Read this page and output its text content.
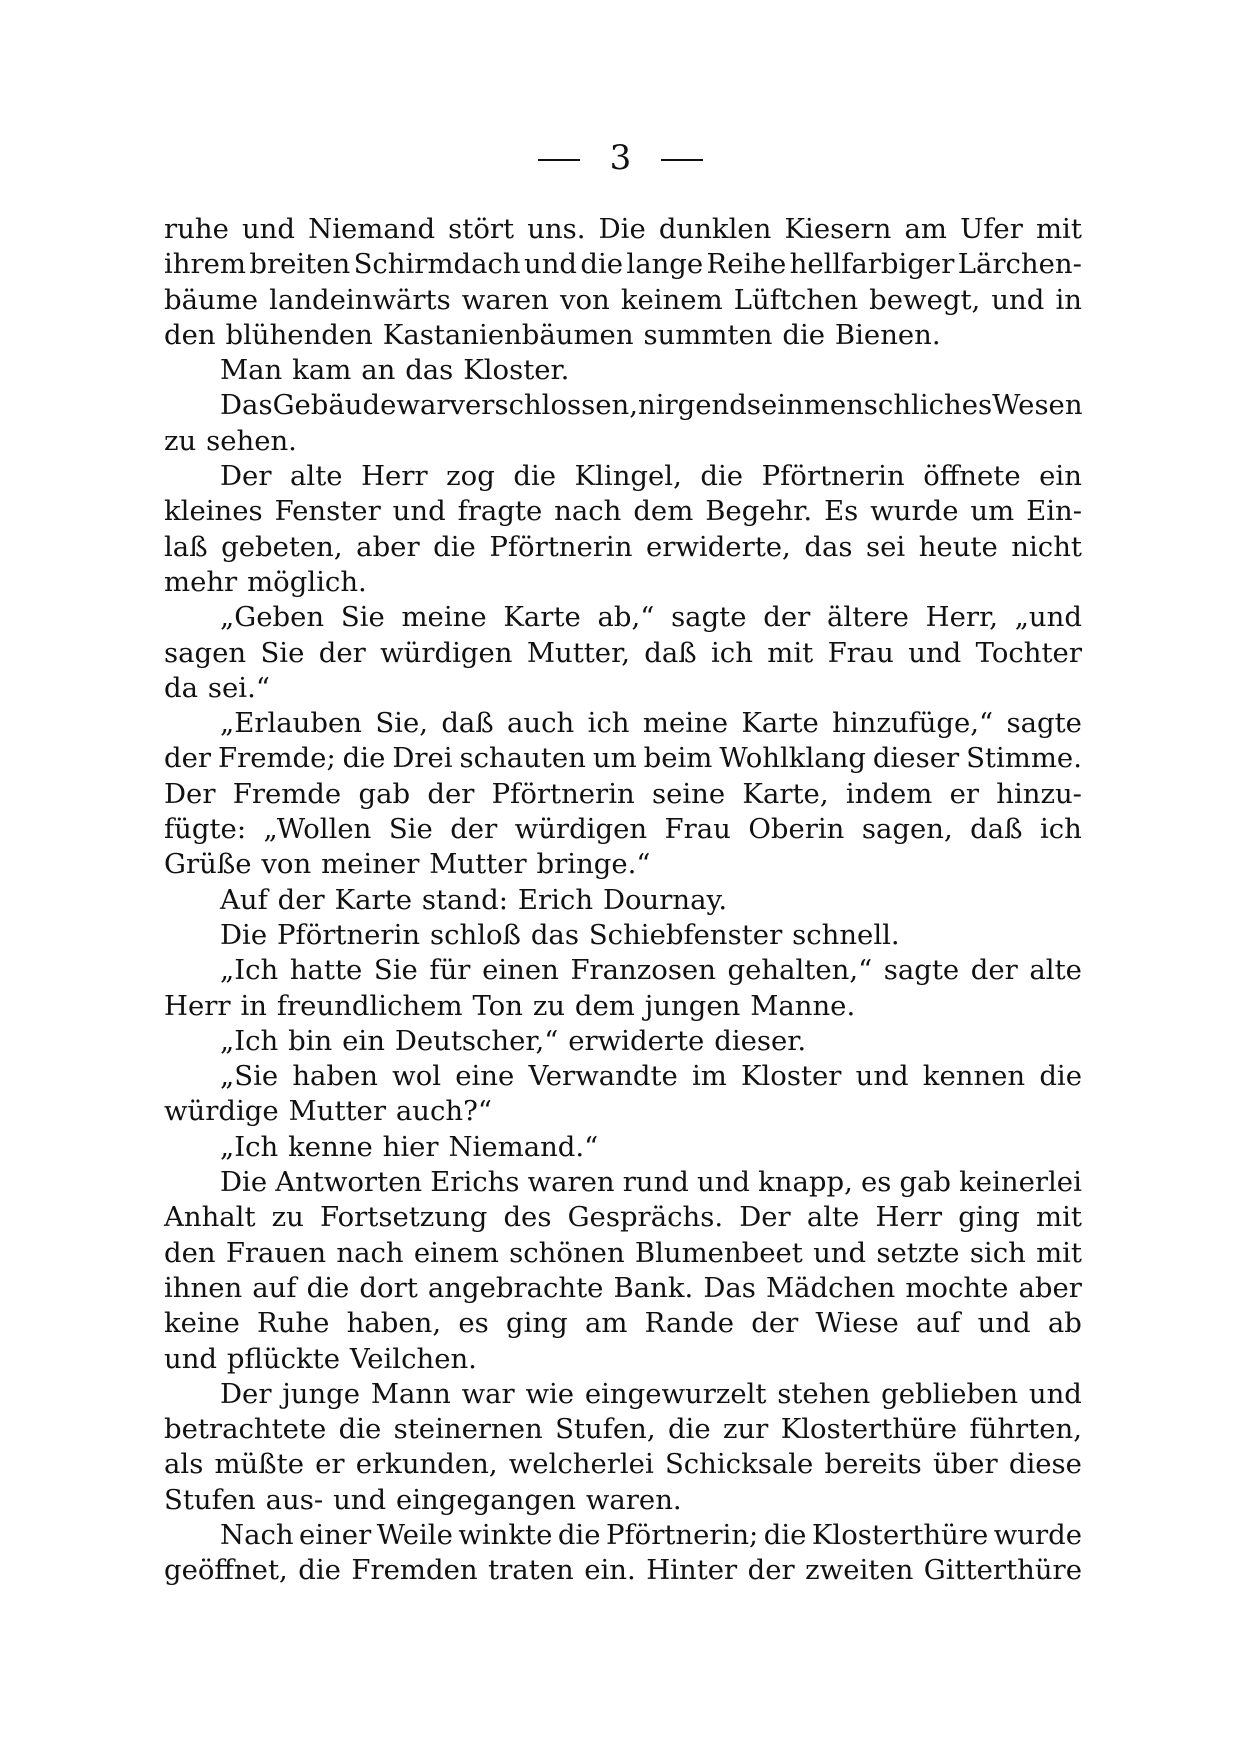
3
ruhe und Niemand stört uns. Die dunklen Kiesern am Ufer mit
ihrem breiten Schirmdach und die lange Reihe hellfarbiger Lärchen-
bäume landeinwärts waren von keinem Lüftchen bewegt, und in
den blühenden Kastanienbäumen summten die Bienen.
Man kam an das Kloster.
Das Gebäude war verschlossen, nirgends ein menschliches Wesen
zu sehen.
Der alte Herr zog die Klingel, die Pförtnerin öffnete ein
kleines Fenster und fragte nach dem Begehr. Es wurde um Ein-
laß gebeten, aber die Pförtnerin erwiderte, das sei heute nicht
mehr möglich.
„Geben Sie meine Karte ab,“ sagte der ältere Herr, „und
sagen Sie der würdigen Mutter, daß ich mit Frau und Tochter
da sei.“
„Erlauben Sie, daß auch ich meine Karte hinzufüge,“ sagte
der Fremde; die Drei schauten um beim Wohlklang dieser Stimme.
Der Fremde gab der Pförtnerin seine Karte, indem er hinzu-
fügte: „Wollen Sie der würdigen Frau Oberin sagen, daß ich
Grüße von meiner Mutter bringe.“
Auf der Karte stand: Erich Dournay.
Die Pförtnerin schloß das Schiebfenster schnell.
„Ich hatte Sie für einen Franzosen gehalten,“ sagte der alte
Herr in freundlichem Ton zu dem jungen Manne.
„Ich bin ein Deutscher,“ erwiderte dieser.
„Sie haben wol eine Verwandte im Kloster und kennen die
würdige Mutter auch?“
„Ich kenne hier Niemand.“
Die Antworten Erichs waren rund und knapp, es gab keinerlei
Anhalt zu Fortsetzung des Gesprächs. Der alte Herr ging mit
den Frauen nach einem schönen Blumenbeet und setzte sich mit
ihnen auf die dort angebrachte Bank. Das Mädchen mochte aber
keine Ruhe haben, es ging am Rande der Wiese auf und ab
und pflückte Veilchen.
Der junge Mann war wie eingewurzelt stehen geblieben und
betrachtete die steinernen Stufen, die zur Klosterthüre führten,
als müßte er erkunden, welcherlei Schicksale bereits über diese
Stufen aus- und eingegangen waren.
Nach einer Weile winkte die Pförtnerin; die Klosterthüre wurde
geöffnet, die Fremden traten ein. Hinter der zweiten Gitterthüre
